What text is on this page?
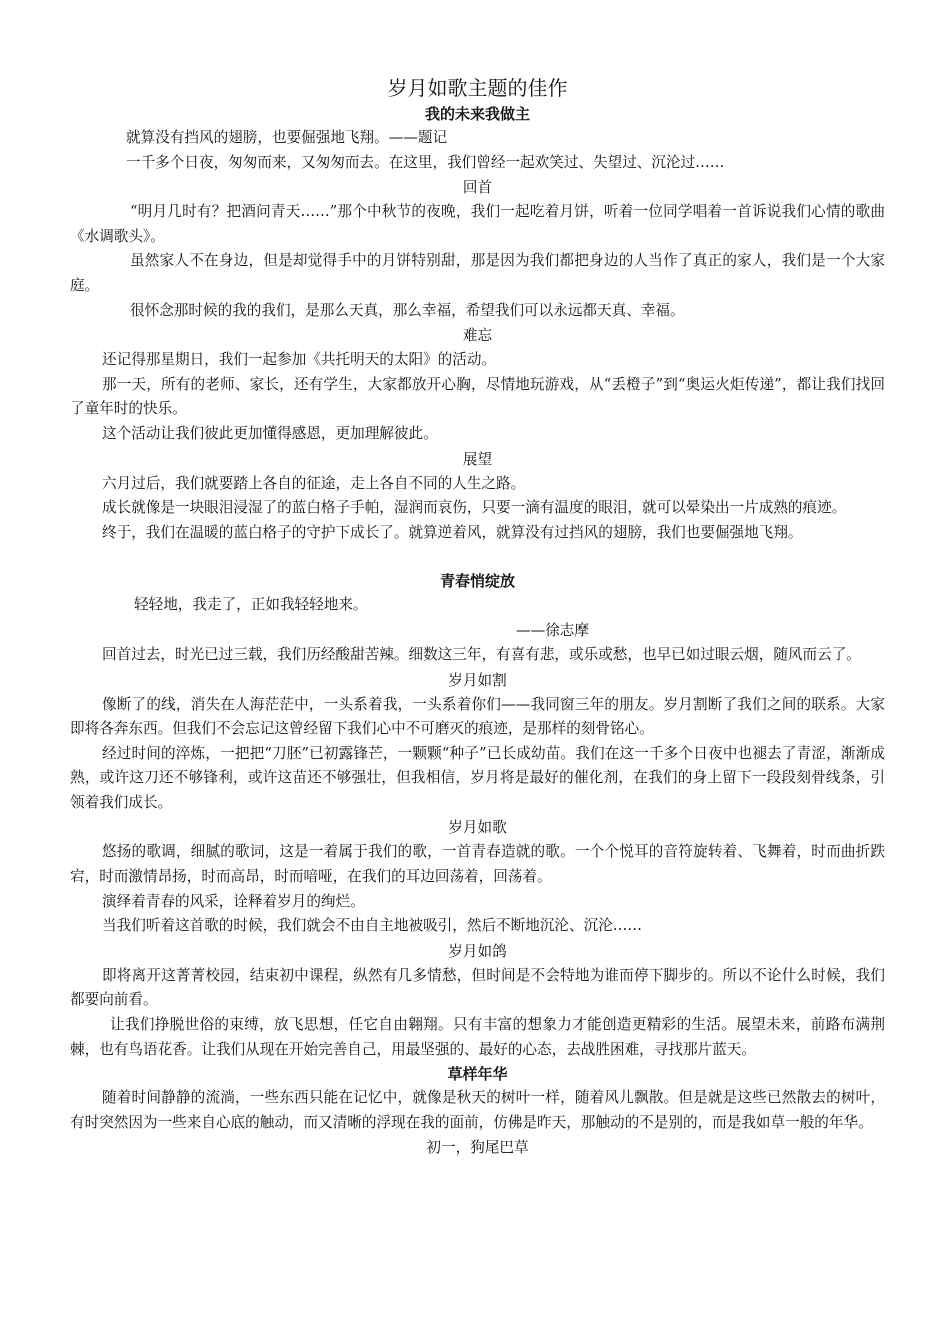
岁月如歌主题的佳作
我的未来我做主

就算没有挡风的翅膀，也要倔强地飞翔。——题记

一千多个日夜，匆匆而来，又匆匆而去。在这里，我们曾经一起欢笑过、失望过、沉沦过……

回首

“明月几时有？把酒问青天……”那个中秋节的夜晚，我们一起吃着月饼，听着一位同学唱着一首诉说我们心情的歌曲《水调歌头》。

虽然家人不在身边，但是却觉得手中的月饼特别甜，那是因为我们都把身边的人当作了真正的家人，我们是一个大家庭。

很怀念那时候的我的我们，是那么天真，那么幸福，希望我们可以永远都天真、幸福。

难忘

还记得那星期日，我们一起参加《共托明天的太阳》的活动。

那一天，所有的老师、家长，还有学生，大家都放开心胸，尽情地玩游戏，从“丢橙子”到“奥运火炬传递”，都让我们找回了童年时的快乐。

这个活动让我们彼此更加懂得感恩，更加理解彼此。

展望

六月过后，我们就要踏上各自的征途，走上各自不同的人生之路。

成长就像是一块眼泪浸湿了的蓝白格子手帕，湿润而哀伤，只要一滴有温度的眼泪，就可以晕染出一片成熟的痕迹。

终于，我们在温暖的蓝白格子的守护下成长了。就算逆着风，就算没有过挡风的翅膀，我们也要倔强地飞翔。

青春悄绽放

轻轻地，我走了，正如我轻轻地来。

——徐志摩

回首过去，时光已过三载，我们历经酸甜苦辣。细数这三年，有喜有悲，或乐或愁，也早已如过眼云烟，随风而云了。

岁月如割

像断了的线，消失在人海茫茫中，一头系着我，一头系着你们——我同窗三年的朋友。岁月割断了我们之间的联系。大家即将各奔东西。但我们不会忘记这曾经留下我们心中不可磨灭的痕迹，是那样的刻骨铭心。

经过时间的淬炼，一把把“刀胚”已初露锋芒，一颗颗“种子”已长成幼苗。我们在这一千多个日夜中也褪去了青涩，渐渐成熟，或许这刀还不够锋利，或许这苗还不够强壮，但我相信，岁月将是最好的催化剂，在我们的身上留下一段段刻骨线条，引领着我们成长。

岁月如歌

悠扬的歌调，细腻的歌词，这是一着属于我们的歌，一首青春造就的歌。一个个悦耳的音符旋转着、飞舞着，时而曲折跌宕，时而激情昂扬，时而高昂，时而喑哑，在我们的耳边回荡着，回荡着。

演绎着青春的风采，诠释着岁月的绚烂。

当我们听着这首歌的时候，我们就会不由自主地被吸引，然后不断地沉沦、沉沦……

岁月如鸽

即将离开这菁菁校园，结束初中课程，纵然有几多情愁，但时间是不会特地为谁而停下脚步的。所以不论什么时候，我们都要向前看。

让我们挣脱世俗的束缚，放飞思想，任它自由翱翔。只有丰富的想象力才能创造更精彩的生活。展望未来，前路布满荆棘，也有鸟语花香。让我们从现在开始完善自己，用最坚强的、最好的心态，去战胜困难，寻找那片蓝天。

草样年华

随着时间静静的流淌，一些东西只能在记忆中，就像是秋天的树叶一样，随着风儿飘散。但是就是这些已然散去的树叶，有时突然因为一些来自心底的触动，而又清晰的浮现在我的面前，仿佛是昨天，那触动的不是别的，而是我如草一般的年华。

初一，狗尾巴草
